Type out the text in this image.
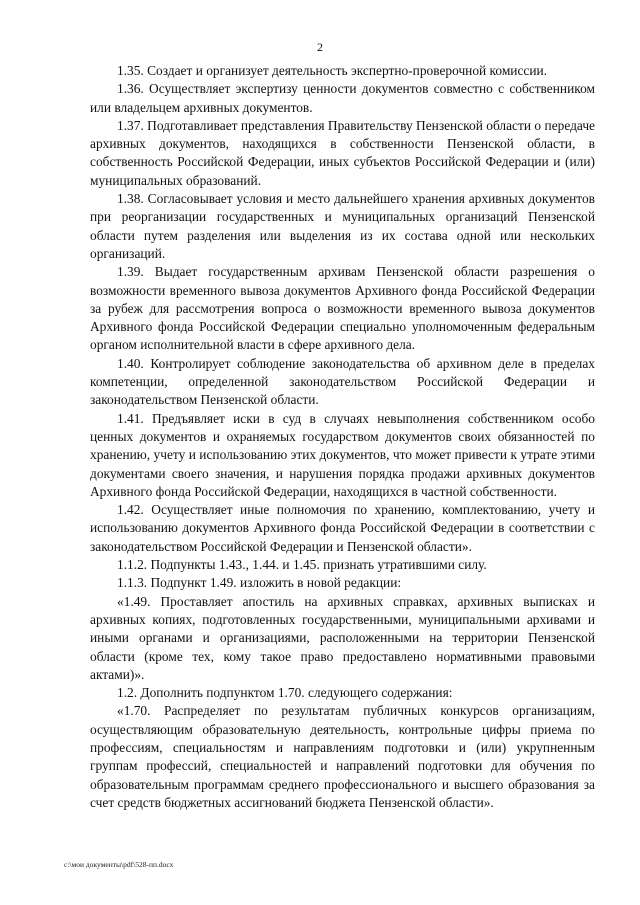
2

1.35. Создает и организует деятельность экспертно-проверочной комиссии.

1.36. Осуществляет экспертизу ценности документов совместно с собственником или владельцем архивных документов.

1.37. Подготавливает представления Правительству Пензенской области о передаче архивных документов, находящихся в собственности Пензенской области, в собственность Российской Федерации, иных субъектов Российской Федерации и (или) муниципальных образований.

1.38. Согласовывает условия и место дальнейшего хранения архивных документов при реорганизации государственных и муниципальных организаций Пензенской области путем разделения или выделения из их состава одной или нескольких организаций.

1.39. Выдает государственным архивам Пензенской области разрешения о возможности временного вывоза документов Архивного фонда Российской Федерации за рубеж для рассмотрения вопроса о возможности временного вывоза документов Архивного фонда Российской Федерации специально уполномоченным федеральным органом исполнительной власти в сфере архивного дела.

1.40. Контролирует соблюдение законодательства об архивном деле в пределах компетенции, определенной законодательством Российской Федерации и законодательством Пензенской области.

1.41. Предъявляет иски в суд в случаях невыполнения собственником особо ценных документов и охраняемых государством документов своих обязанностей по хранению, учету и использованию этих документов, что может привести к утрате этими документами своего значения, и нарушения порядка продажи архивных документов Архивного фонда Российской Федерации, находящихся в частной собственности.

1.42. Осуществляет иные полномочия по хранению, комплектованию, учету и использованию документов Архивного фонда Российской Федерации в соответствии с законодательством Российской Федерации и Пензенской области».

1.1.2. Подпункты 1.43., 1.44. и 1.45. признать утратившими силу.

1.1.3. Подпункт 1.49. изложить в новой редакции:

«1.49. Проставляет апостиль на архивных справках, архивных выписках и архивных копиях, подготовленных государственными, муниципальными архивами и иными органами и организациями, расположенными на территории Пензенской области (кроме тех, кому такое право предоставлено нормативными правовыми актами)».

1.2. Дополнить подпунктом 1.70. следующего содержания:

«1.70. Распределяет по результатам публичных конкурсов организациям, осуществляющим образовательную деятельность, контрольные цифры приема по профессиям, специальностям и направлениям подготовки и (или) укрупненным группам профессий, специальностей и направлений подготовки для обучения по образовательным программам среднего профессионального и высшего образования за счет средств бюджетных ассигнований бюджета Пензенской области».

c:\мои документы\pdf\528-пп.docx
